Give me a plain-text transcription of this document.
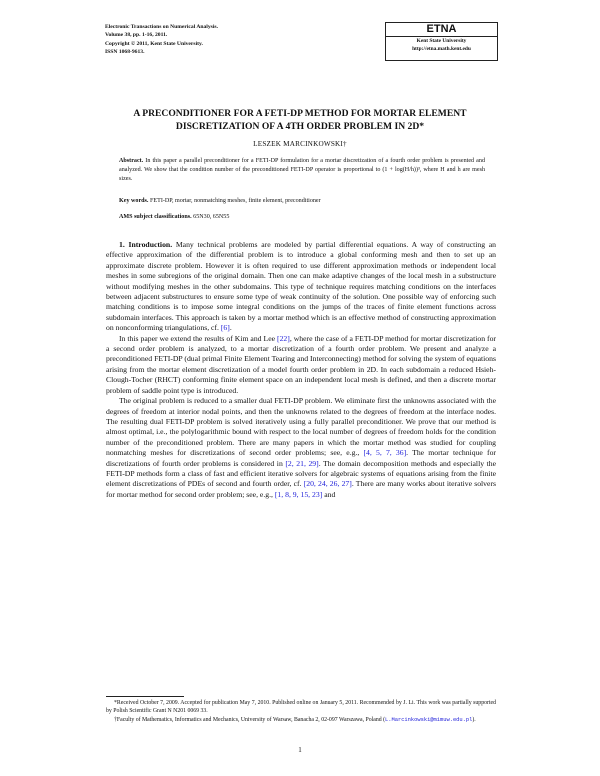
Electronic Transactions on Numerical Analysis.
Volume 38, pp. 1-16, 2011.
Copyright © 2011, Kent State University.
ISSN 1068-9613.
ETNA
Kent State University
http://etna.math.kent.edu
A PRECONDITIONER FOR A FETI-DP METHOD FOR MORTAR ELEMENT
DISCRETIZATION OF A 4TH ORDER PROBLEM IN 2D*
LESZEK MARCINKOWSKI†
Abstract. In this paper a parallel preconditioner for a FETI-DP formulation for a mortar discretization of a fourth order problem is presented and analyzed. We show that the condition number of the preconditioned FETI-DP operator is proportional to (1 + log(H/h))³, where H and h are mesh sizes.
Key words. FETI-DP, mortar, nonmatching meshes, finite element, preconditioner
AMS subject classifications. 65N30, 65N55

1. Introduction. Many technical problems are modeled by partial differential equations. A way of constructing an effective approximation of the differential problem is to introduce a global conforming mesh and then to set up an approximate discrete problem. However it is often required to use different approximation methods or independent local meshes in some subregions of the original domain. Then one can make adaptive changes of the local mesh in a substructure without modifying meshes in the other subdomains. This type of technique requires matching conditions on the interfaces between adjacent substructures to ensure some type of weak continuity of the solution. One possible way of enforcing such matching conditions is to impose some integral conditions on the jumps of the traces of finite element functions across subdomain interfaces. This approach is taken by a mortar method which is an effective method of constructing approximation on nonconforming triangulations, cf. [6].

In this paper we extend the results of Kim and Lee [22], where the case of a FETI-DP method for mortar discretization for a second order problem is analyzed, to a mortar discretization of a fourth order problem. We present and analyze a preconditioned FETI-DP (dual primal Finite Element Tearing and Interconnecting) method for solving the system of equations arising from the mortar element discretization of a model fourth order problem in 2D. In each subdomain a reduced Hsieh-Clough-Tocher (RHCT) conforming finite element space on an independent local mesh is defined, and then a discrete mortar problem of saddle point type is introduced.

The original problem is reduced to a smaller dual FETI-DP problem. We eliminate first the unknowns associated with the degrees of freedom at interior nodal points, and then the unknowns related to the degrees of freedom at the interface nodes. The resulting dual FETI-DP problem is solved iteratively using a fully parallel preconditioner. We prove that our method is almost optimal, i.e., the polylogarithmic bound with respect to the local number of degrees of freedom holds for the condition number of the preconditioned problem. There are many papers in which the mortar method was studied for coupling nonmatching meshes for discretizations of second order problems; see, e.g., [4, 5, 7, 36]. The mortar technique for discretizations of fourth order problems is considered in [2, 21, 29]. The domain decomposition methods and especially the FETI-DP methods form a class of fast and efficient iterative solvers for algebraic systems of equations arising from the finite element discretizations of PDEs of second and fourth order, cf. [20, 24, 26, 27]. There are many works about iterative solvers for mortar method for second order problem; see, e.g., [1, 8, 9, 15, 23] and

*Received October 7, 2009. Accepted for publication May 7, 2010. Published online on January 5, 2011. Recommended by J. Li. This work was partially supported by Polish Scientific Grant N N201 0069 33.
†Faculty of Mathematics, Informatics and Mechanics, University of Warsaw, Banacha 2, 02-097 Warszawa, Poland (L.Marcinkowski@mimuw.edu.pl).
1
